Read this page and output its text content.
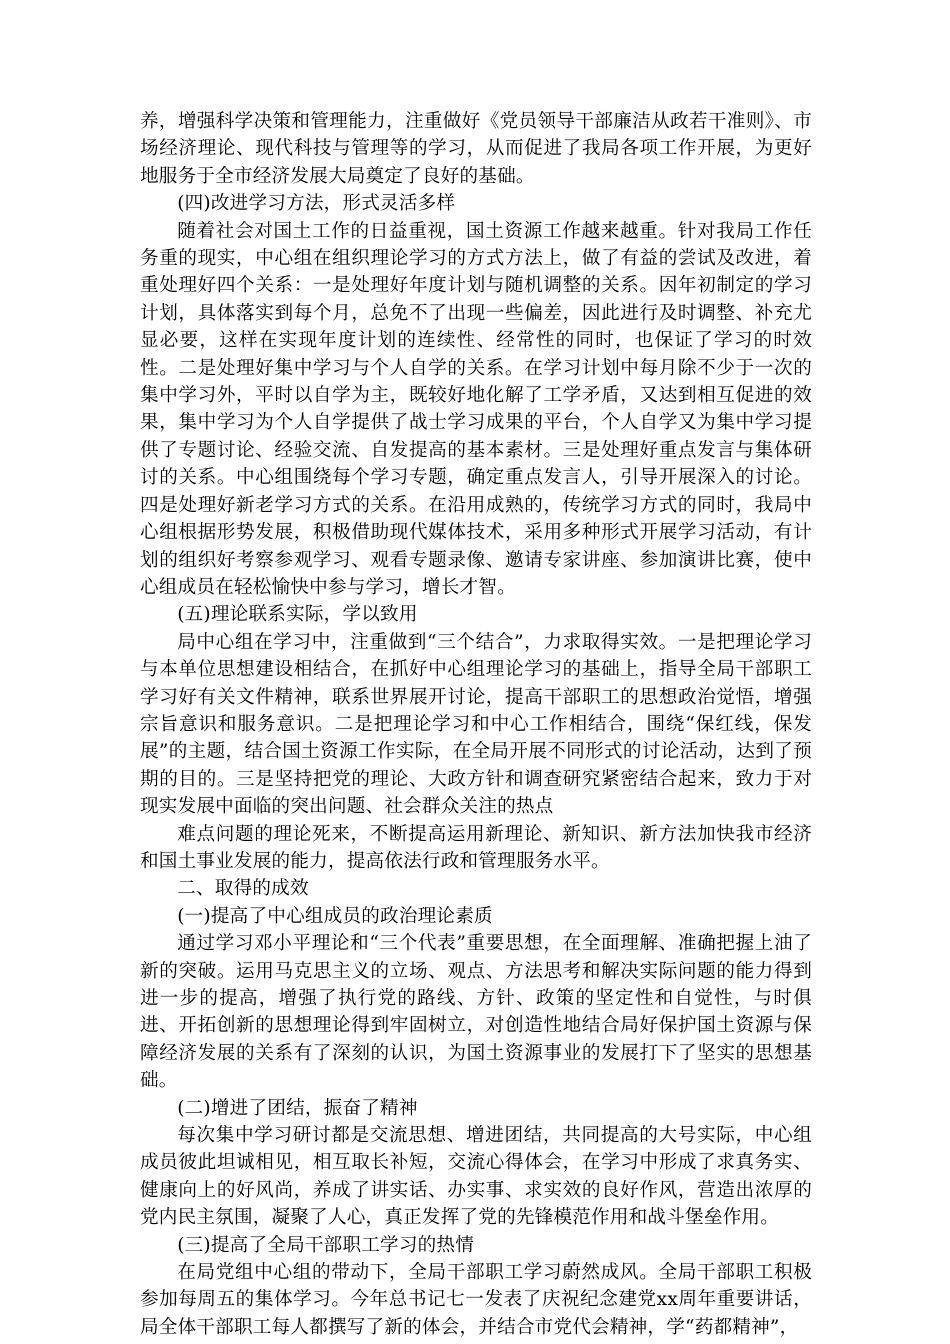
养，增强科学决策和管理能力，注重做好《党员领导干部廉洁从政若干准则》、市场经济理论、现代科技与管理等的学习，从而促进了我局各项工作开展，为更好地服务于全市经济发展大局奠定了良好的基础。

(四)改进学习方法，形式灵活多样

随着社会对国土工作的日益重视，国土资源工作越来越重。针对我局工作任务重的现实，中心组在组织理论学习的方式方法上，做了有益的尝试及改进，着重处理好四个关系：一是处理好年度计划与随机调整的关系。因年初制定的学习计划，具体落实到每个月，总免不了出现一些偏差，因此进行及时调整、补充尤显必要，这样在实现年度计划的连续性、经常性的同时，也保证了学习的时效性。二是处理好集中学习与个人自学的关系。在学习计划中每月除不少于一次的集中学习外，平时以自学为主，既较好地化解了工学矛盾，又达到相互促进的效果，集中学习为个人自学提供了战士学习成果的平台，个人自学又为集中学习提供了专题讨论、经验交流、自发提高的基本素材。三是处理好重点发言与集体研讨的关系。中心组围绕每个学习专题，确定重点发言人，引导开展深入的讨论。四是处理好新老学习方式的关系。在沿用成熟的，传统学习方式的同时，我局中心组根据形势发展，积极借助现代媒体技术，采用多种形式开展学习活动，有计划的组织好考察参观学习、观看专题录像、邀请专家讲座、参加演讲比赛，使中心组成员在轻松愉快中参与学习，增长才智。

(五)理论联系实际，学以致用

局中心组在学习中，注重做到“三个结合”，力求取得实效。一是把理论学习与本单位思想建设相结合，在抓好中心组理论学习的基础上，指导全局干部职工学习好有关文件精神，联系世界展开讨论，提高干部职工的思想政治觉悟，增强宗旨意识和服务意识。二是把理论学习和中心工作相结合，围绕“保红线，保发展”的主题，结合国土资源工作实际，在全局开展不同形式的讨论活动，达到了预期的目的。三是坚持把党的理论、大政方针和调查研究紧密结合起来，致力于对现实发展中面临的突出问题、社会群众关注的热点

难点问题的理论死来，不断提高运用新理论、新知识、新方法加快我市经济和国土事业发展的能力，提高依法行政和管理服务水平。

二、取得的成效

(一)提高了中心组成员的政治理论素质

通过学习邓小平理论和“三个代表”重要思想，在全面理解、准确把握上油了新的突破。运用马克思主义的立场、观点、方法思考和解决实际问题的能力得到进一步的提高，增强了执行党的路线、方针、政策的坚定性和自觉性，与时俱进、开拓创新的思想理论得到牢固树立，对创造性地结合局好保护国土资源与保障经济发展的关系有了深刻的认识，为国土资源事业的发展打下了坚实的思想基础。

(二)增进了团结，振奋了精神

每次集中学习研讨都是交流思想、增进团结，共同提高的大号实际，中心组成员彼此坦诚相见，相互取长补短，交流心得体会，在学习中形成了求真务实、健康向上的好风尚，养成了讲实话、办实事、求实效的良好作风，营造出浓厚的党内民主氛围，凝聚了人心，真正发挥了党的先锋模范作用和战斗堡垒作用。

(三)提高了全局干部职工学习的热情

在局党组中心组的带动下，全局干部职工学习蔚然成风。全局干部职工积极参加每周五的集体学习。今年总书记七一发表了庆祝纪念建党xx周年重要讲话，局全体干部职工每人都撰写了新的体会，并结合市党代会精神，学“药都精神”，
